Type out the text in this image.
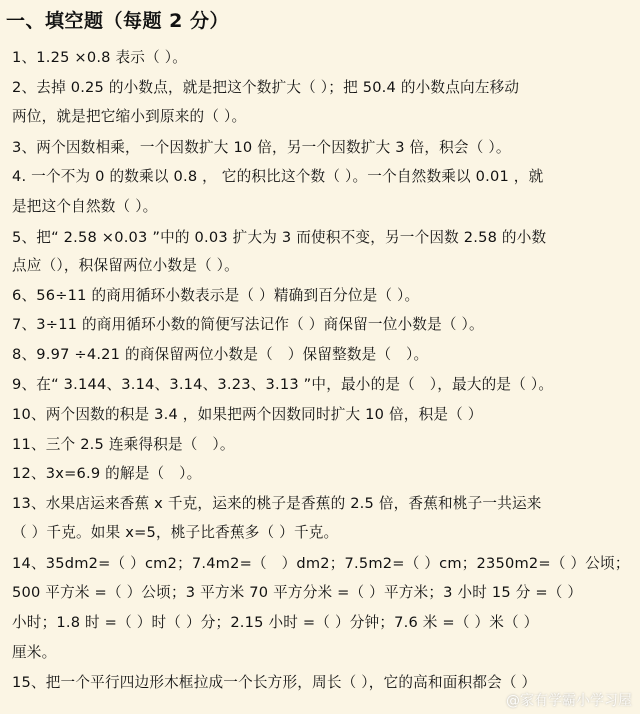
一、填空题（每题 2 分）
1、1.25 ×0.8 表示（ ）。
2、去掉 0.25 的小数点，就是把这个数扩大（ ）；把 50.4 的小数点向左移动
两位，就是把它缩小到原来的（ ）。
3、两个因数相乘，一个因数扩大 10 倍，另一个因数扩大 3 倍，积会（ ）。
4. 一个不为 0 的数乘以 0.8 ， 它的积比这个数（ ）。一个自然数乘以 0.01 ，就
是把这个自然数（ ）。
5、把“ 2.58 ×0.03 ”中的 0.03 扩大为 3 而使积不变，另一个因数 2.58 的小数
点应（），积保留两位小数是（ ）。
6、56÷11 的商用循环小数表示是（ ）精确到百分位是（ ）。
7、3÷11 的商用循环小数的简便写法记作（ ）商保留一位小数是（ ）。
8、9.97 ÷4.21 的商保留两位小数是（　）保留整数是（　）。
9、在“ 3.14̇4̇、3.14̇、3.14、3.23、3.13̇ ”中，最小的是（　），最大的是（ ）。
10、两个因数的积是 3.4 ，如果把两个因数同时扩大 10 倍，积是（ ）
11、三个 2.5 连乘得积是（　）。
12、3x=6.9 的解是（　）。
13、水果店运来香蕉 x 千克，运来的桃子是香蕉的 2.5 倍，香蕉和桃子一共运来
（ ）千克。如果 x=5，桃子比香蕉多（ ）千克。
14、35dm2=（ ）cm2；7.4m2=（　）dm2；7.5m2=（ ）cm；2350m2=（ ）公顷；
500 平方米 =（ ）公顷；3 平方米 70 平方分米 =（ ）平方米；3 小时 15 分 =（ ）
小时；1.8 时 =（ ）时（ ）分；2.15 小时 =（ ）分钟；7.6 米 =（ ）米（ ）
厘米。
15、把一个平行四边形木框拉成一个长方形，周长（ ），它的高和面积都会（ ）
@家有学霸小学习屋
